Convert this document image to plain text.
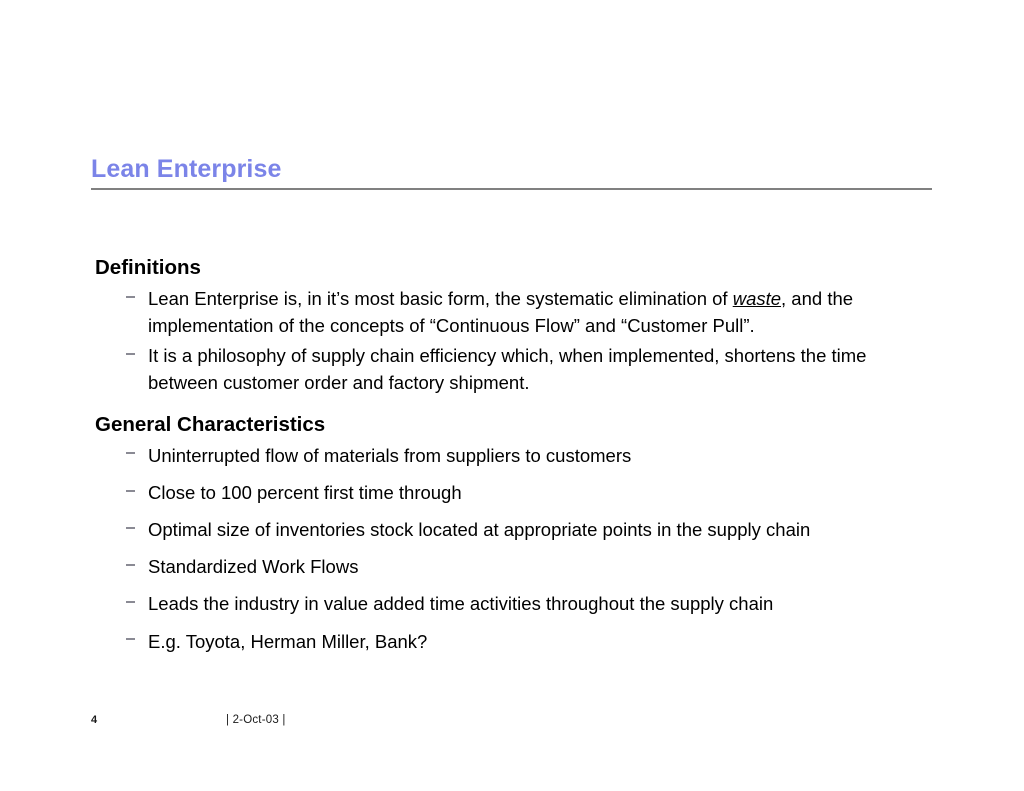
Lean Enterprise
Definitions
Lean Enterprise is, in it’s most basic form, the systematic elimination of waste, and the implementation of the concepts of “Continuous Flow” and “Customer Pull”.
It is a philosophy of supply chain efficiency which, when implemented, shortens the time between customer order and factory shipment.
General Characteristics
Uninterrupted flow of materials from suppliers to customers
Close to 100 percent first time through
Optimal size of inventories stock located at appropriate points in the supply chain
Standardized Work Flows
Leads the industry in value added time activities throughout the supply chain
E.g. Toyota, Herman Miller, Bank?
4	| 2-Oct-03 |
